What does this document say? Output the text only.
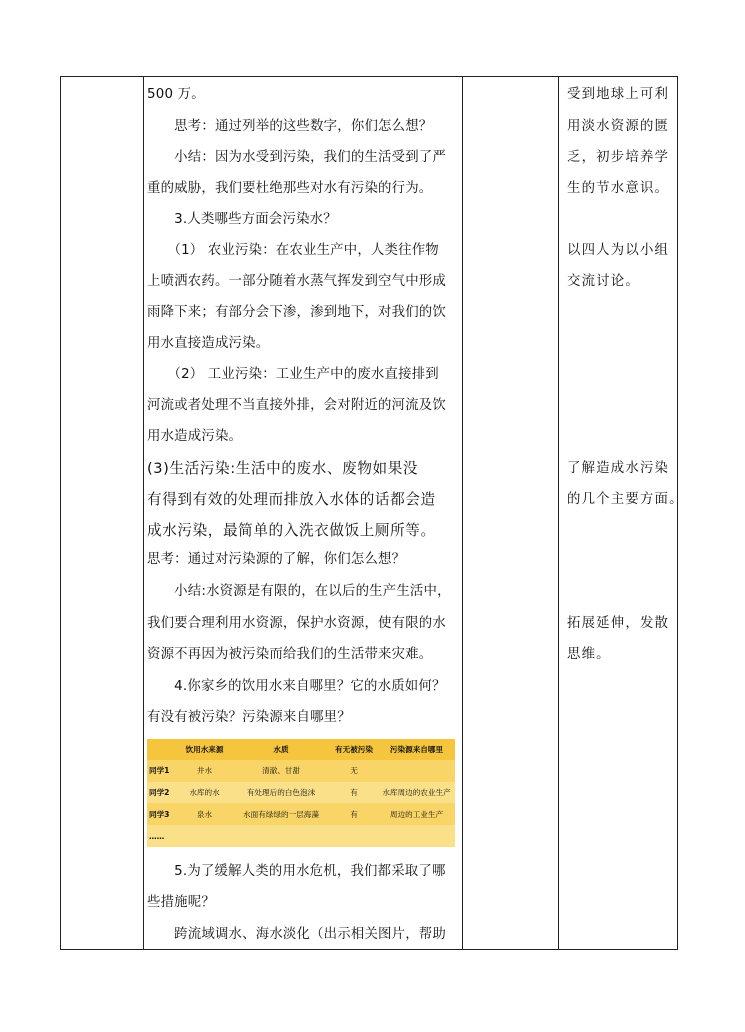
500 万。

　　思考：通过列举的这些数字，你们怎么想？

　　小结：因为水受到污染，我们的生活受到了严

重的威胁，我们要杜绝那些对水有污染的行为。

　　3.人类哪些方面会污染水？

　　（1） 农业污染：在农业生产中，人类往作物

上喷洒农药。一部分随着水蒸气挥发到空气中形成

雨降下来；有部分会下渗，渗到地下，对我们的饮

用水直接造成污染。

　　（2） 工业污染：工业生产中的废水直接排到

河流或者处理不当直接外排，会对附近的河流及饮

用水造成污染。

(3)生活污染:生活中的废水、废物如果没

有得到有效的处理而排放入水体的话都会造

成水污染，最简单的入洗衣做饭上厕所等。

思考：通过对污染源的了解，你们怎么想？

　　小结:水资源是有限的，在以后的生产生活中，

我们要合理利用水资源，保护水资源，使有限的水

资源不再因为被污染而给我们的生活带来灾难。

　　4.你家乡的饮用水来自哪里？它的水质如何？

有没有被污染？污染源来自哪里？

	饮用水来源	水质	有无被污染	污染源来自哪里
同学1	井水	清澈、甘甜	无	
同学2	水库的水	有处理后的白色泡沫	有	水库周边的农业生产
同学3	泉水	水面有绿绿的一层海藻	有	周边的工业生产
……				

　　5.为了缓解人类的用水危机，我们都采取了哪

些措施呢？

　　跨流域调水、海水淡化（出示相关图片，帮助

受到地球上可利

用淡水资源的匮

乏，初步培养学

生的节水意识。

以四人为以小组

交流讨论。

了解造成水污染

的几个主要方面。

拓展延伸，发散

思维。
